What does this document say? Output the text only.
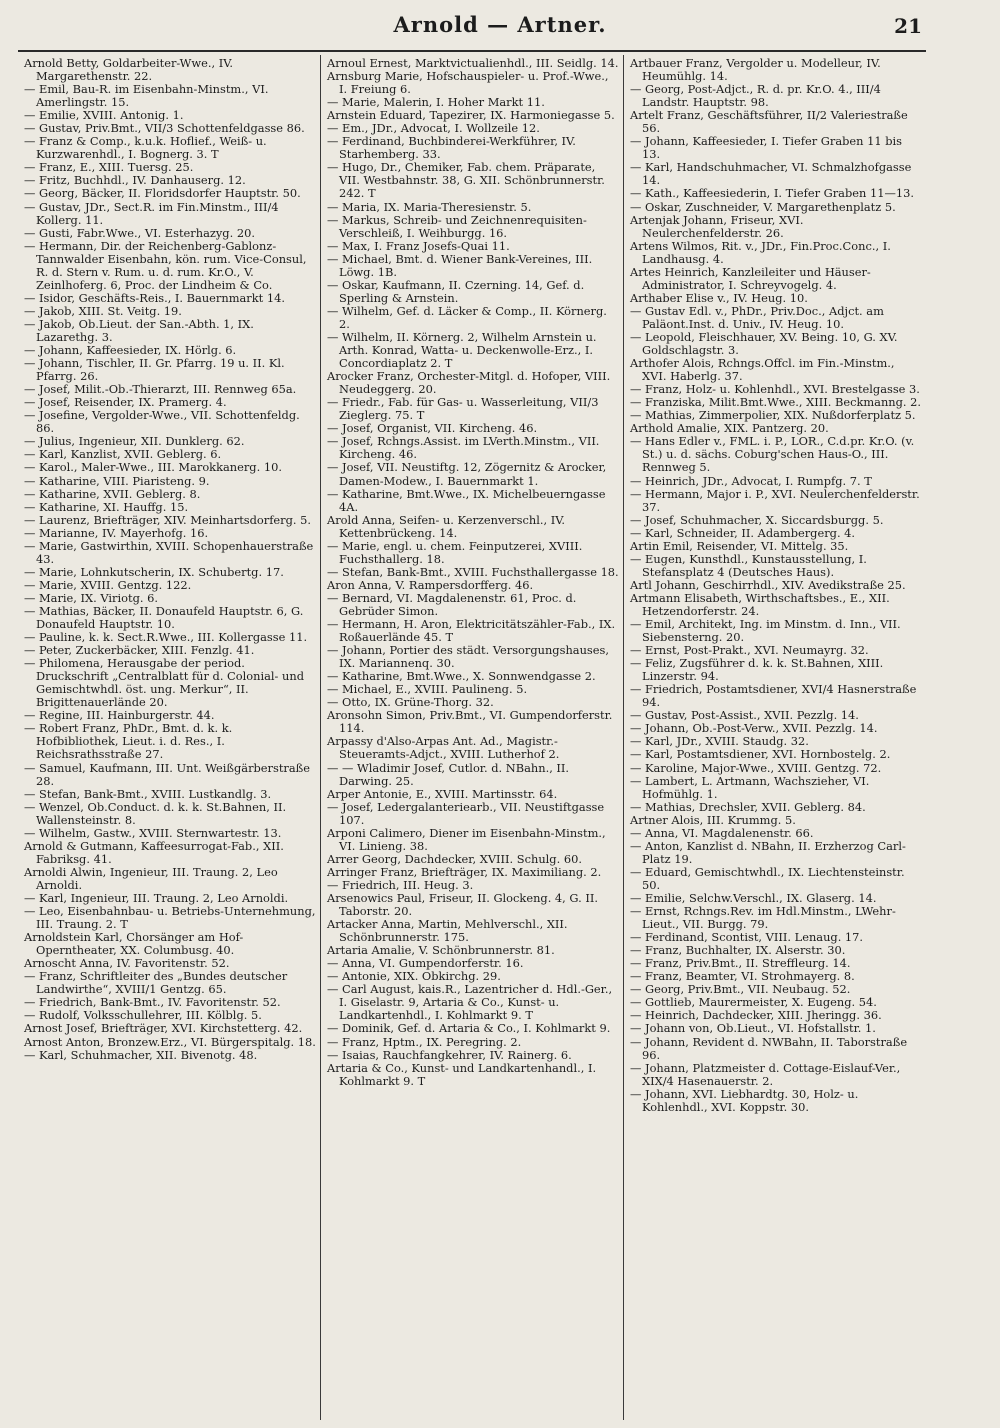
Arnold — Artner.	21
Arnold Betty, Goldarbeiter-Wwe., IV. Margarethenstr. 22.
— Emil, Bau-R. im Eisenbahn-Minstm., VI. Amerlingstr. 15.
— Emilie, XVIII. Antonig. 1.
— Gustav, Priv.Bmt., VII/3 Schottenfeldgasse 86.
— Franz & Comp., k.u.k. Hoflief., Weiß- u. Kurzwarenhdl., I. Bognerg. 3. T
— Franz, E., XIII. Tuersg. 25.
— Fritz, Buchhdl., IV. Danhauserg. 12.
— Georg, Bäcker, II. Floridsdorfer Hauptstr. 50.
— Gustav, JDr., Sect.R. im Fin.Minstm., III/4 Kollerg. 11.
— Gusti, Fabr.Wwe., VI. Esterhazyg. 20.
— Hermann, Dir. der Reichenberg-Gablonz-Tannwalder Eisenbahn, kön. rum. Vice-Consul, R. d. Stern v. Rum. u. d. rum. Kr.O., V. Zeinlhoferg. 6, Proc. der Lindheim & Co.
— Isidor, Geschäfts-Reis., I. Bauernmarkt 14.
— Jakob, XIII. St. Veitg. 19.
— Jakob, Ob.Lieut. der San.-Abth. 1, IX. Lazarethg. 3.
— Johann, Kaffeesieder, IX. Hörlg. 6.
— Johann, Tischler, II. Gr. Pfarrg. 19 u. II. Kl. Pfarrg. 26.
— Josef, Milit.-Ob.-Thierarzt, III. Rennweg 65a.
— Josef, Reisender, IX. Pramerg. 4.
— Josefine, Vergolder-Wwe., VII. Schottenfeldg. 86.
— Julius, Ingenieur, XII. Dunklerg. 62.
— Karl, Kanzlist, XVII. Geblerg. 6.
— Karol., Maler-Wwe., III. Marokkanerg. 10.
— Katharine, VIII. Piaristeng. 9.
— Katharine, XVII. Geblerg. 8.
— Katharine, XI. Hauffg. 15.
— Laurenz, Briefträger, XIV. Meinhartsdorferg. 5.
— Marianne, IV. Mayerhofg. 16.
— Marie, Gastwirthin, XVIII. Schopenhauerstraße 43.
— Marie, Lohnkutscherin, IX. Schubertg. 17.
— Marie, XVIII. Gentzg. 122.
— Marie, IX. Viriotg. 6.
— Mathias, Bäcker, II. Donaufeld Hauptstr. 6, G. Donaufeld Hauptstr. 10.
— Pauline, k. k. Sect.R.Wwe., III. Kollergasse 11.
— Peter, Zuckerbäcker, XIII. Fenzlg. 41.
— Philomena, Herausgabe der period. Druckschrift „Centralblatt für d. Colonial- und Gemischtwhdl. öst. ung. Merkur“, II. Brigittenauerlände 20.
— Regine, III. Hainburgerstr. 44.
— Robert Franz, PhDr., Bmt. d. k. k. Hofbibliothek, Lieut. i. d. Res., I. Reichsrathsstraße 27.
— Samuel, Kaufmann, III. Unt. Weißgärberstraße 28.
— Stefan, Bank-Bmt., XVIII. Lustkandlg. 3.
— Wenzel, Ob.Conduct. d. k. k. St.Bahnen, II. Wallensteinstr. 8.
— Wilhelm, Gastw., XVIII. Sternwartestr. 13.
Arnold & Gutmann, Kaffeesurrogat-Fab., XII. Fabriksg. 41.
Arnoldi Alwin, Ingenieur, III. Traung. 2, Leo Arnoldi.
— Karl, Ingenieur, III. Traung. 2, Leo Arnoldi.
— Leo, Eisenbahnbau- u. Betriebs-Unternehmung, III. Traung. 2. T
Arnoldstein Karl, Chorsänger am Hof-Operntheater, XX. Columbusg. 40.
Arnoscht Anna, IV. Favoritenstr. 52.
— Franz, Schriftleiter des „Bundes deutscher Landwirthe“, XVIII/1 Gentzg. 65.
— Friedrich, Bank-Bmt., IV. Favoritenstr. 52.
— Rudolf, Volksschullehrer, III. Kölblg. 5.
Arnost Josef, Briefträger, XVI. Kirchstetterg. 42.
Arnost Anton, Bronzew.Erz., VI. Bürgerspitalg. 18.
— Karl, Schuhmacher, XII. Bivenotg. 48.
Arnoul Ernest, Marktvictualienhdl., III. Seidlg. 14.
Arnsburg Marie, Hofschauspieler- u. Prof.-Wwe., I. Freiung 6.
— Marie, Malerin, I. Hoher Markt 11.
Arnstein Eduard, Tapezirer, IX. Harmoniegasse 5.
— Em., JDr., Advocat, I. Wollzeile 12.
— Ferdinand, Buchbinderei-Werkführer, IV. Starhemberg. 33.
— Hugo, Dr., Chemiker, Fab. chem. Präparate, VII. Westbahnstr. 38, G. XII. Schönbrunnerstr. 242. T
— Maria, IX. Maria-Theresienstr. 5.
— Markus, Schreib- und Zeichnenrequisiten-Verschleiß, I. Weihburgg. 16.
— Max, I. Franz Josefs-Quai 11.
— Michael, Bmt. d. Wiener Bank-Vereines, III. Löwg. 1B.
— Oskar, Kaufmann, II. Czerning. 14, Gef. d. Sperling & Arnstein.
— Wilhelm, Gef. d. Läcker & Comp., II. Körnerg. 2.
— Wilhelm, II. Körnerg. 2, Wilhelm Arnstein u. Arth. Konrad, Watta- u. Deckenwolle-Erz., I. Concordiaplatz 2. T
Arocker Franz, Orchester-Mitgl. d. Hofoper, VIII. Neudeggerg. 20.
— Friedr., Fab. für Gas- u. Wasserleitung, VII/3 Zieglerg. 75. T
— Josef, Organist, VII. Kircheng. 46.
— Josef, Rchngs.Assist. im LVerth.Minstm., VII. Kircheng. 46.
— Josef, VII. Neustiftg. 12, Zögernitz & Arocker, Damen-Modew., I. Bauernmarkt 1.
— Katharine, Bmt.Wwe., IX. Michelbeuerngasse 4A.
Arold Anna, Seifen- u. Kerzenverschl., IV. Kettenbrückeng. 14.
— Marie, engl. u. chem. Feinputzerei, XVIII. Fuchsthallerg. 18.
— Stefan, Bank-Bmt., XVIII. Fuchsthallergasse 18.
Aron Anna, V. Rampersdorfferg. 46.
— Bernard, VI. Magdalenenstr. 61, Proc. d. Gebrüder Simon.
— Hermann, H. Aron, Elektricitätszähler-Fab., IX. Roßauerlände 45. T
— Johann, Portier des städt. Versorgungshauses, IX. Mariannenq. 30.
— Katharine, Bmt.Wwe., X. Sonnwendgasse 2.
— Michael, E., XVIII. Paulineng. 5.
— Otto, IX. Grüne-Thorg. 32.
Aronsohn Simon, Priv.Bmt., VI. Gumpendorferstr. 114.
Arpassy d'Also-Arpas Ant. Ad., Magistr.-Steueramts-Adjct., XVIII. Lutherhof 2.
— — Wladimir Josef, Cutlor. d. NBahn., II. Darwing. 25.
Arper Antonie, E., XVIII. Martinsstr. 64.
— Josef, Ledergalanteriearb., VII. Neustiftgasse 107.
Arponi Calimero, Diener im Eisenbahn-Minstm., VI. Linieng. 38.
Arrer Georg, Dachdecker, XVIII. Schulg. 60.
Arringer Franz, Briefträger, IX. Maximiliang. 2.
— Friedrich, III. Heug. 3.
Arsenowics Paul, Friseur, II. Glockeng. 4, G. II. Taborstr. 20.
Artacker Anna, Martin, Mehlverschl., XII. Schönbrunnerstr. 175.
Artaria Amalie, V. Schönbrunnerstr. 81.
— Anna, VI. Gumpendorferstr. 16.
— Antonie, XIX. Obkirchg. 29.
— Carl August, kais.R., Lazentricher d. Hdl.-Ger., I. Giselastr. 9, Artaria & Co., Kunst- u. Landkartenhdl., I. Kohlmarkt 9. T
— Dominik, Gef. d. Artaria & Co., I. Kohlmarkt 9.
— Franz, Hptm., IX. Peregring. 2.
— Isaias, Rauchfangkehrer, IV. Rainerg. 6.
Artaria & Co., Kunst- und Landkartenhandl., I. Kohlmarkt 9. T
Artbauer Franz, Vergolder u. Modelleur, IV. Heumühlg. 14.
— Georg, Post-Adjct., R. d. pr. Kr.O. 4., III/4 Landstr. Hauptstr. 98.
Artelt Franz, Geschäftsführer, II/2 Valeriestraße 56.
— Johann, Kaffeesieder, I. Tiefer Graben 11 bis 13.
— Karl, Handschuhmacher, VI. Schmalzhofgasse 14.
— Kath., Kaffeesiederin, I. Tiefer Graben 11—13.
— Oskar, Zuschneider, V. Margarethenplatz 5.
Artenjak Johann, Friseur, XVI. Neulerchenfelderstr. 26.
Artens Wilmos, Rit. v., JDr., Fin.Proc.Conc., I. Landhausg. 4.
Artes Heinrich, Kanzleileiter und Häuser-Administrator, I. Schreyvogelg. 4.
Arthaber Elise v., IV. Heug. 10.
— Gustav Edl. v., PhDr., Priv.Doc., Adjct. am Paläont.Inst. d. Univ., IV. Heug. 10.
— Leopold, Fleischhauer, XV. Being. 10, G. XV. Goldschlagstr. 3.
Arthofer Alois, Rchngs.Offcl. im Fin.-Minstm., XVI. Haberlg. 37.
— Franz, Holz- u. Kohlenhdl., XVI. Brestelgasse 3.
— Franziska, Milit.Bmt.Wwe., XIII. Beckmanng. 2.
— Mathias, Zimmerpolier, XIX. Nußdorferplatz 5.
Arthold Amalie, XIX. Pantzerg. 20.
— Hans Edler v., FML. i. P., LOR., C.d.pr. Kr.O. (v. St.) u. d. sächs. Coburg'schen Haus-O., III. Rennweg 5.
— Heinrich, JDr., Advocat, I. Rumpfg. 7. T
— Hermann, Major i. P., XVI. Neulerchenfelderstr. 37.
— Josef, Schuhmacher, X. Siccardsburgg. 5.
— Karl, Schneider, II. Adambergerg. 4.
Artin Emil, Reisender, VI. Mittelg. 35.
— Eugen, Kunsthdl., Kunstausstellung, I. Stefansplatz 4 (Deutsches Haus).
Artl Johann, Geschirrhdl., XIV. Avedikstraße 25.
Artmann Elisabeth, Wirthschaftsbes., E., XII. Hetzendorferstr. 24.
— Emil, Architekt, Ing. im Minstm. d. Inn., VII. Siebensterng. 20.
— Ernst, Post-Prakt., XVI. Neumayrg. 32.
— Feliz, Zugsführer d. k. k. St.Bahnen, XIII. Linzerstr. 94.
— Friedrich, Postamtsdiener, XVI/4 Hasnerstraße 94.
— Gustav, Post-Assist., XVII. Pezzlg. 14.
— Johann, Ob.-Post-Verw., XVII. Pezzlg. 14.
— Karl, JDr., XVIII. Staudg. 32.
— Karl, Postamtsdiener, XVI. Hornbostelg. 2.
— Karoline, Major-Wwe., XVIII. Gentzg. 72.
— Lambert, L. Artmann, Wachszieher, VI. Hofmühlg. 1.
— Mathias, Drechsler, XVII. Geblerg. 84.
Artner Alois, III. Krummg. 5.
— Anna, VI. Magdalenenstr. 66.
— Anton, Kanzlist d. NBahn, II. Erzherzog Carl-Platz 19.
— Eduard, Gemischtwhdl., IX. Liechtensteinstr. 50.
— Emilie, Selchw.Verschl., IX. Glaserg. 14.
— Ernst, Rchngs.Rev. im Hdl.Minstm., LWehr-Lieut., VII. Burgg. 79.
— Ferdinand, Scontist, VIII. Lenaug. 17.
— Franz, Buchhalter, IX. Alserstr. 30.
— Franz, Priv.Bmt., II. Streffleurg. 14.
— Franz, Beamter, VI. Strohmayerg. 8.
— Georg, Priv.Bmt., VII. Neubaug. 52.
— Gottlieb, Maurermeister, X. Eugeng. 54.
— Heinrich, Dachdecker, XIII. Jheringg. 36.
— Johann von, Ob.Lieut., VI. Hofstallstr. 1.
— Johann, Revident d. NWBahn, II. Taborstraße 96.
— Johann, Platzmeister d. Cottage-Eislauf-Ver., XIX/4 Hasenauerstr. 2.
— Johann, XVI. Liebhardtg. 30, Holz- u. Kohlenhdl., XVI. Koppstr. 30.
